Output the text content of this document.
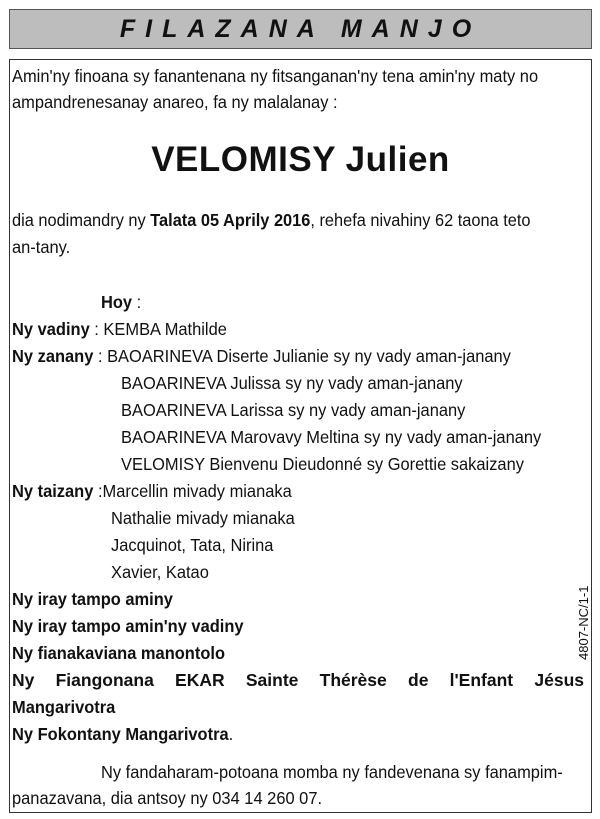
FILAZANA MANJO
Amin'ny finoana sy fanantenana ny fitsanganan'ny tena amin'ny maty no
ampandrenesanay anareo, fa ny malalanay :
VELOMISY Julien
dia nodimandry ny Talata 05 Aprily 2016, rehefa nivahiny 62 taona teto
an-tany.
Hoy :
Ny vadiny : KEMBA Mathilde
Ny zanany : BAOARINEVA Diserte Julianie sy ny vady aman-janany
BAOARINEVA Julissa sy ny vady aman-janany
BAOARINEVA Larissa sy ny vady aman-janany
BAOARINEVA Marovavy Meltina sy ny vady aman-janany
VELOMISY Bienvenu Dieudonné sy Gorettie sakaizany
Ny taizany :Marcellin mivady mianaka
Nathalie mivady mianaka
Jacquinot, Tata, Nirina
Xavier, Katao
Ny iray tampo aminy
Ny iray tampo amin'ny vadiny
Ny fianakaviana manontolo
Ny Fiangonana EKAR Sainte Thérèse de l'Enfant Jésus
Mangarivotra
Ny Fokontany Mangarivotra.
Ny fandaharam-potoana momba ny fandevenana sy fanampim-
panazavana, dia antsoy ny 034 14 260 07.
4807-NC/1-1
